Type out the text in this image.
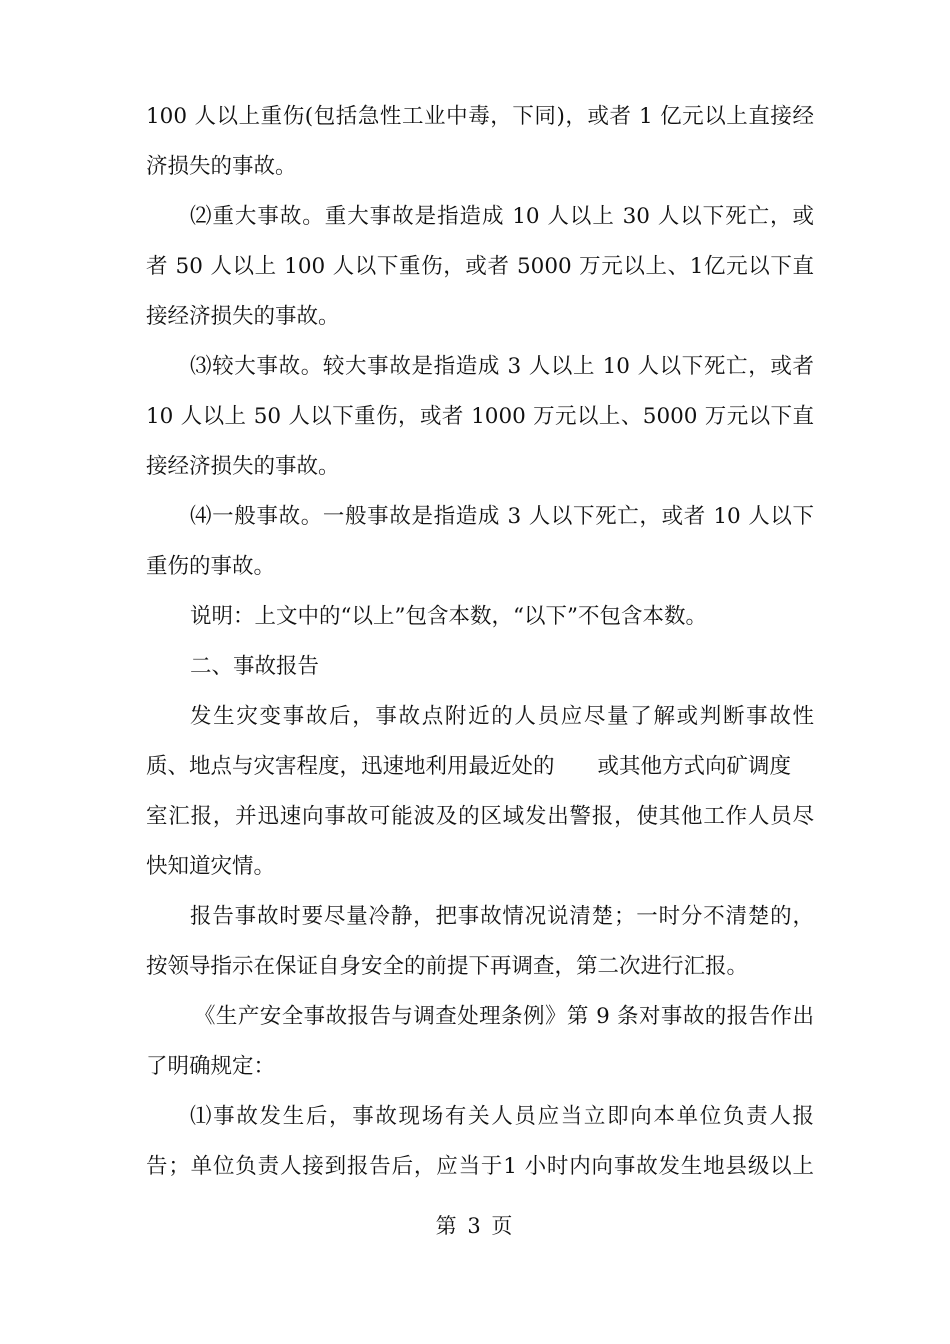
100 人以上重伤(包括急性工业中毒，下同)，或者 1 亿元以上直接经
济损失的事故。
⑵重大事故。重大事故是指造成 10 人以上 30 人以下死亡，或
者 50 人以上 100 人以下重伤，或者 5000 万元以上、1亿元以下直
接经济损失的事故。
⑶较大事故。较大事故是指造成 3 人以上 10 人以下死亡，或者
10 人以上 50 人以下重伤，或者 1000 万元以上、5000 万元以下直
接经济损失的事故。
⑷一般事故。一般事故是指造成 3 人以下死亡，或者 10 人以下
重伤的事故。
说明：上文中的“以上”包含本数，“以下”不包含本数。
二、事故报告
发生灾变事故后，事故点附近的人员应尽量了解或判断事故性
质、地点与灾害程度，迅速地利用最近处的　　或其他方式向矿调度
室汇报，并迅速向事故可能波及的区域发出警报，使其他工作人员尽
快知道灾情。
报告事故时要尽量冷静，把事故情况说清楚；一时分不清楚的，
按领导指示在保证自身安全的前提下再调查，第二次进行汇报。
《生产安全事故报告与调查处理条例》第 9 条对事故的报告作出
了明确规定：
⑴事故发生后，事故现场有关人员应当立即向本单位负责人报
告；单位负责人接到报告后，应当于1 小时内向事故发生地县级以上
第 3 页
